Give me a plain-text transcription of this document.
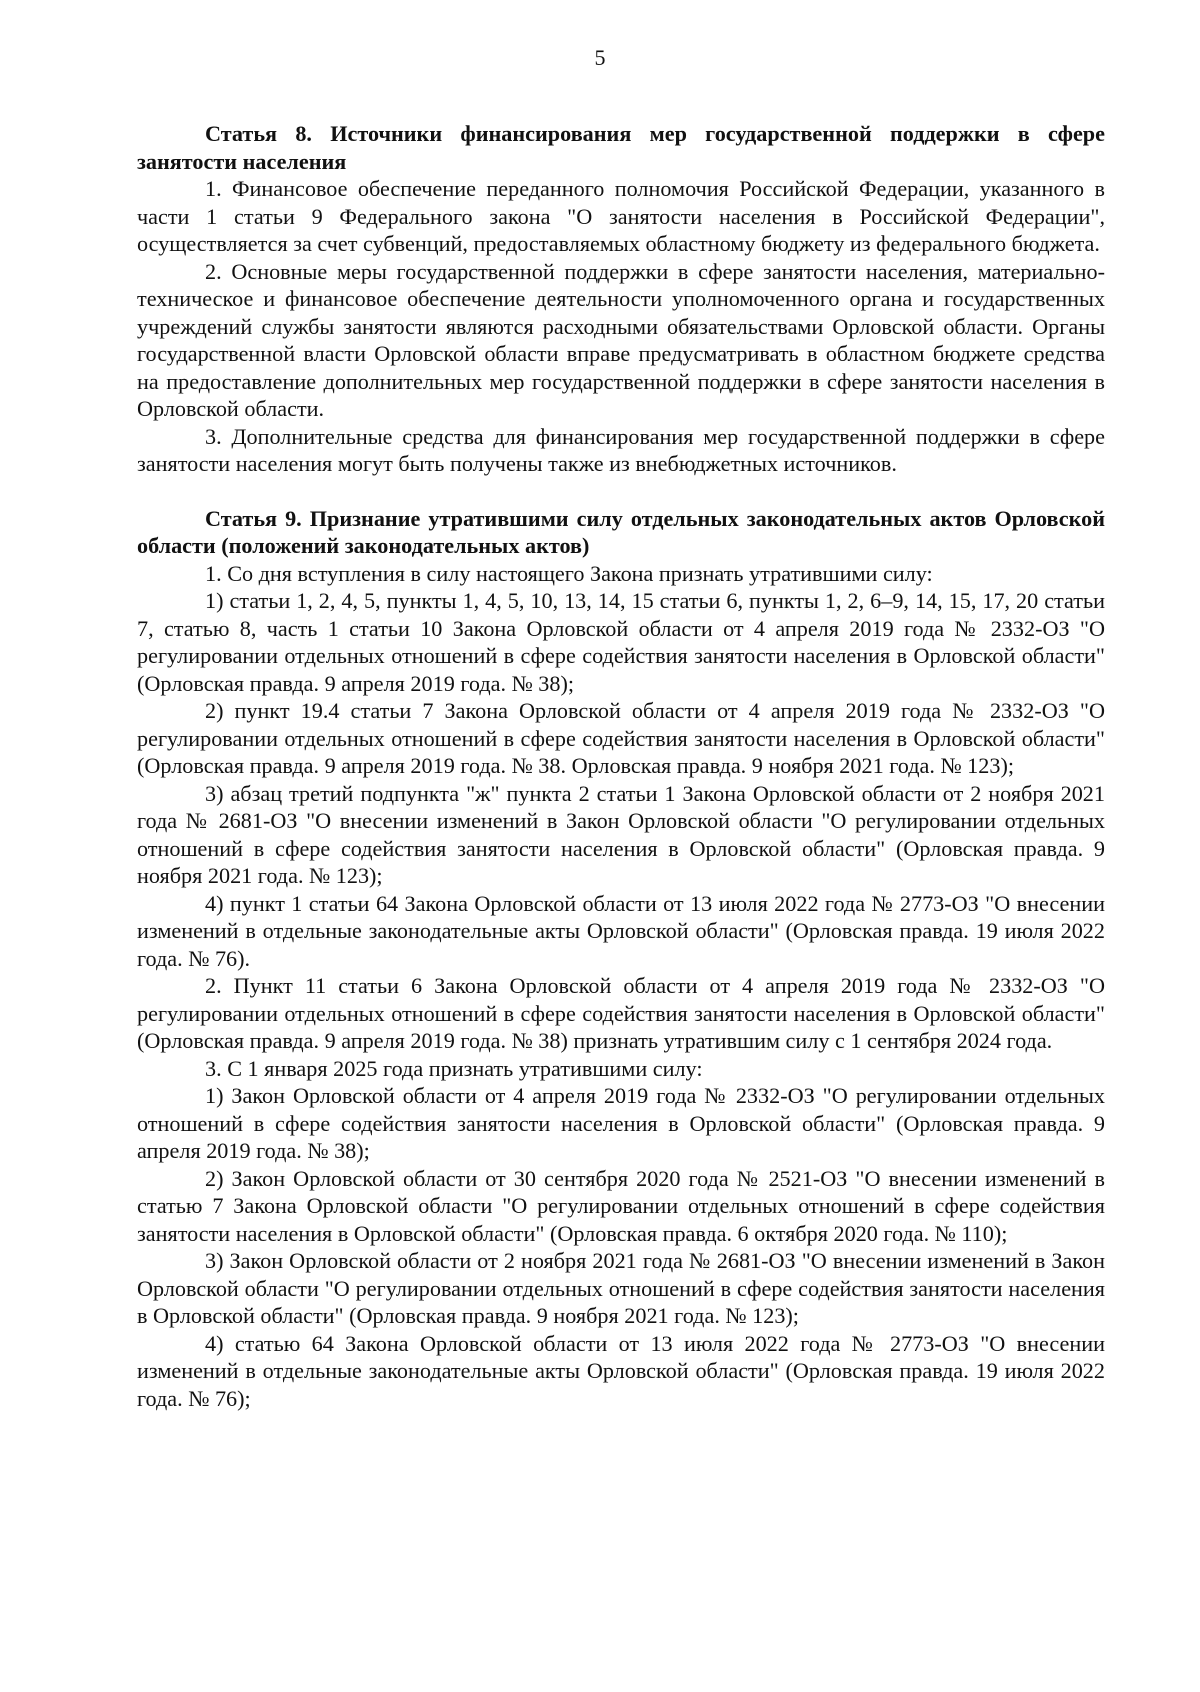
5

Статья 8. Источники финансирования мер государственной поддержки в сфере занятости населения

1. Финансовое обеспечение переданного полномочия Российской Федерации, указанного в части 1 статьи 9 Федерального закона "О занятости населения в Российской Федерации", осуществляется за счет субвенций, предоставляемых областному бюджету из федерального бюджета.

2. Основные меры государственной поддержки в сфере занятости населения, материально-техническое и финансовое обеспечение деятельности уполномоченного органа и государственных учреждений службы занятости являются расходными обязательствами Орловской области. Органы государственной власти Орловской области вправе предусматривать в областном бюджете средства на предоставление дополнительных мер государственной поддержки в сфере занятости населения в Орловской области.

3. Дополнительные средства для финансирования мер государственной поддержки в сфере занятости населения могут быть получены также из внебюджетных источников.

Статья 9. Признание утратившими силу отдельных законодательных актов Орловской области (положений законодательных актов)

1. Со дня вступления в силу настоящего Закона признать утратившими силу:

1) статьи 1, 2, 4, 5, пункты 1, 4, 5, 10, 13, 14, 15 статьи 6, пункты 1, 2, 6–9, 14, 15, 17, 20 статьи 7, статью 8, часть 1 статьи 10 Закона Орловской области от 4 апреля 2019 года № 2332-ОЗ "О регулировании отдельных отношений в сфере содействия занятости населения в Орловской области" (Орловская правда. 9 апреля 2019 года. № 38);

2) пункт 19.4 статьи 7 Закона Орловской области от 4 апреля 2019 года № 2332-ОЗ "О регулировании отдельных отношений в сфере содействия занятости населения в Орловской области" (Орловская правда. 9 апреля 2019 года. № 38. Орловская правда. 9 ноября 2021 года. № 123);

3) абзац третий подпункта "ж" пункта 2 статьи 1 Закона Орловской области от 2 ноября 2021 года № 2681-ОЗ "О внесении изменений в Закон Орловской области "О регулировании отдельных отношений в сфере содействия занятости населения в Орловской области" (Орловская правда. 9 ноября 2021 года. № 123);

4) пункт 1 статьи 64 Закона Орловской области от 13 июля 2022 года № 2773-ОЗ "О внесении изменений в отдельные законодательные акты Орловской области" (Орловская правда. 19 июля 2022 года. № 76).

2. Пункт 11 статьи 6 Закона Орловской области от 4 апреля 2019 года № 2332-ОЗ "О регулировании отдельных отношений в сфере содействия занятости населения в Орловской области" (Орловская правда. 9 апреля 2019 года. № 38) признать утратившим силу с 1 сентября 2024 года.

3. С 1 января 2025 года признать утратившими силу:

1) Закон Орловской области от 4 апреля 2019 года № 2332-ОЗ "О регулировании отдельных отношений в сфере содействия занятости населения в Орловской области" (Орловская правда. 9 апреля 2019 года. № 38);

2) Закон Орловской области от 30 сентября 2020 года № 2521-ОЗ "О внесении изменений в статью 7 Закона Орловской области "О регулировании отдельных отношений в сфере содействия занятости населения в Орловской области" (Орловская правда. 6 октября 2020 года. № 110);

3) Закон Орловской области от 2 ноября 2021 года № 2681-ОЗ "О внесении изменений в Закон Орловской области "О регулировании отдельных отношений в сфере содействия занятости населения в Орловской области" (Орловская правда. 9 ноября 2021 года. № 123);

4) статью 64 Закона Орловской области от 13 июля 2022 года № 2773-ОЗ "О внесении изменений в отдельные законодательные акты Орловской области" (Орловская правда. 19 июля 2022 года. № 76);
